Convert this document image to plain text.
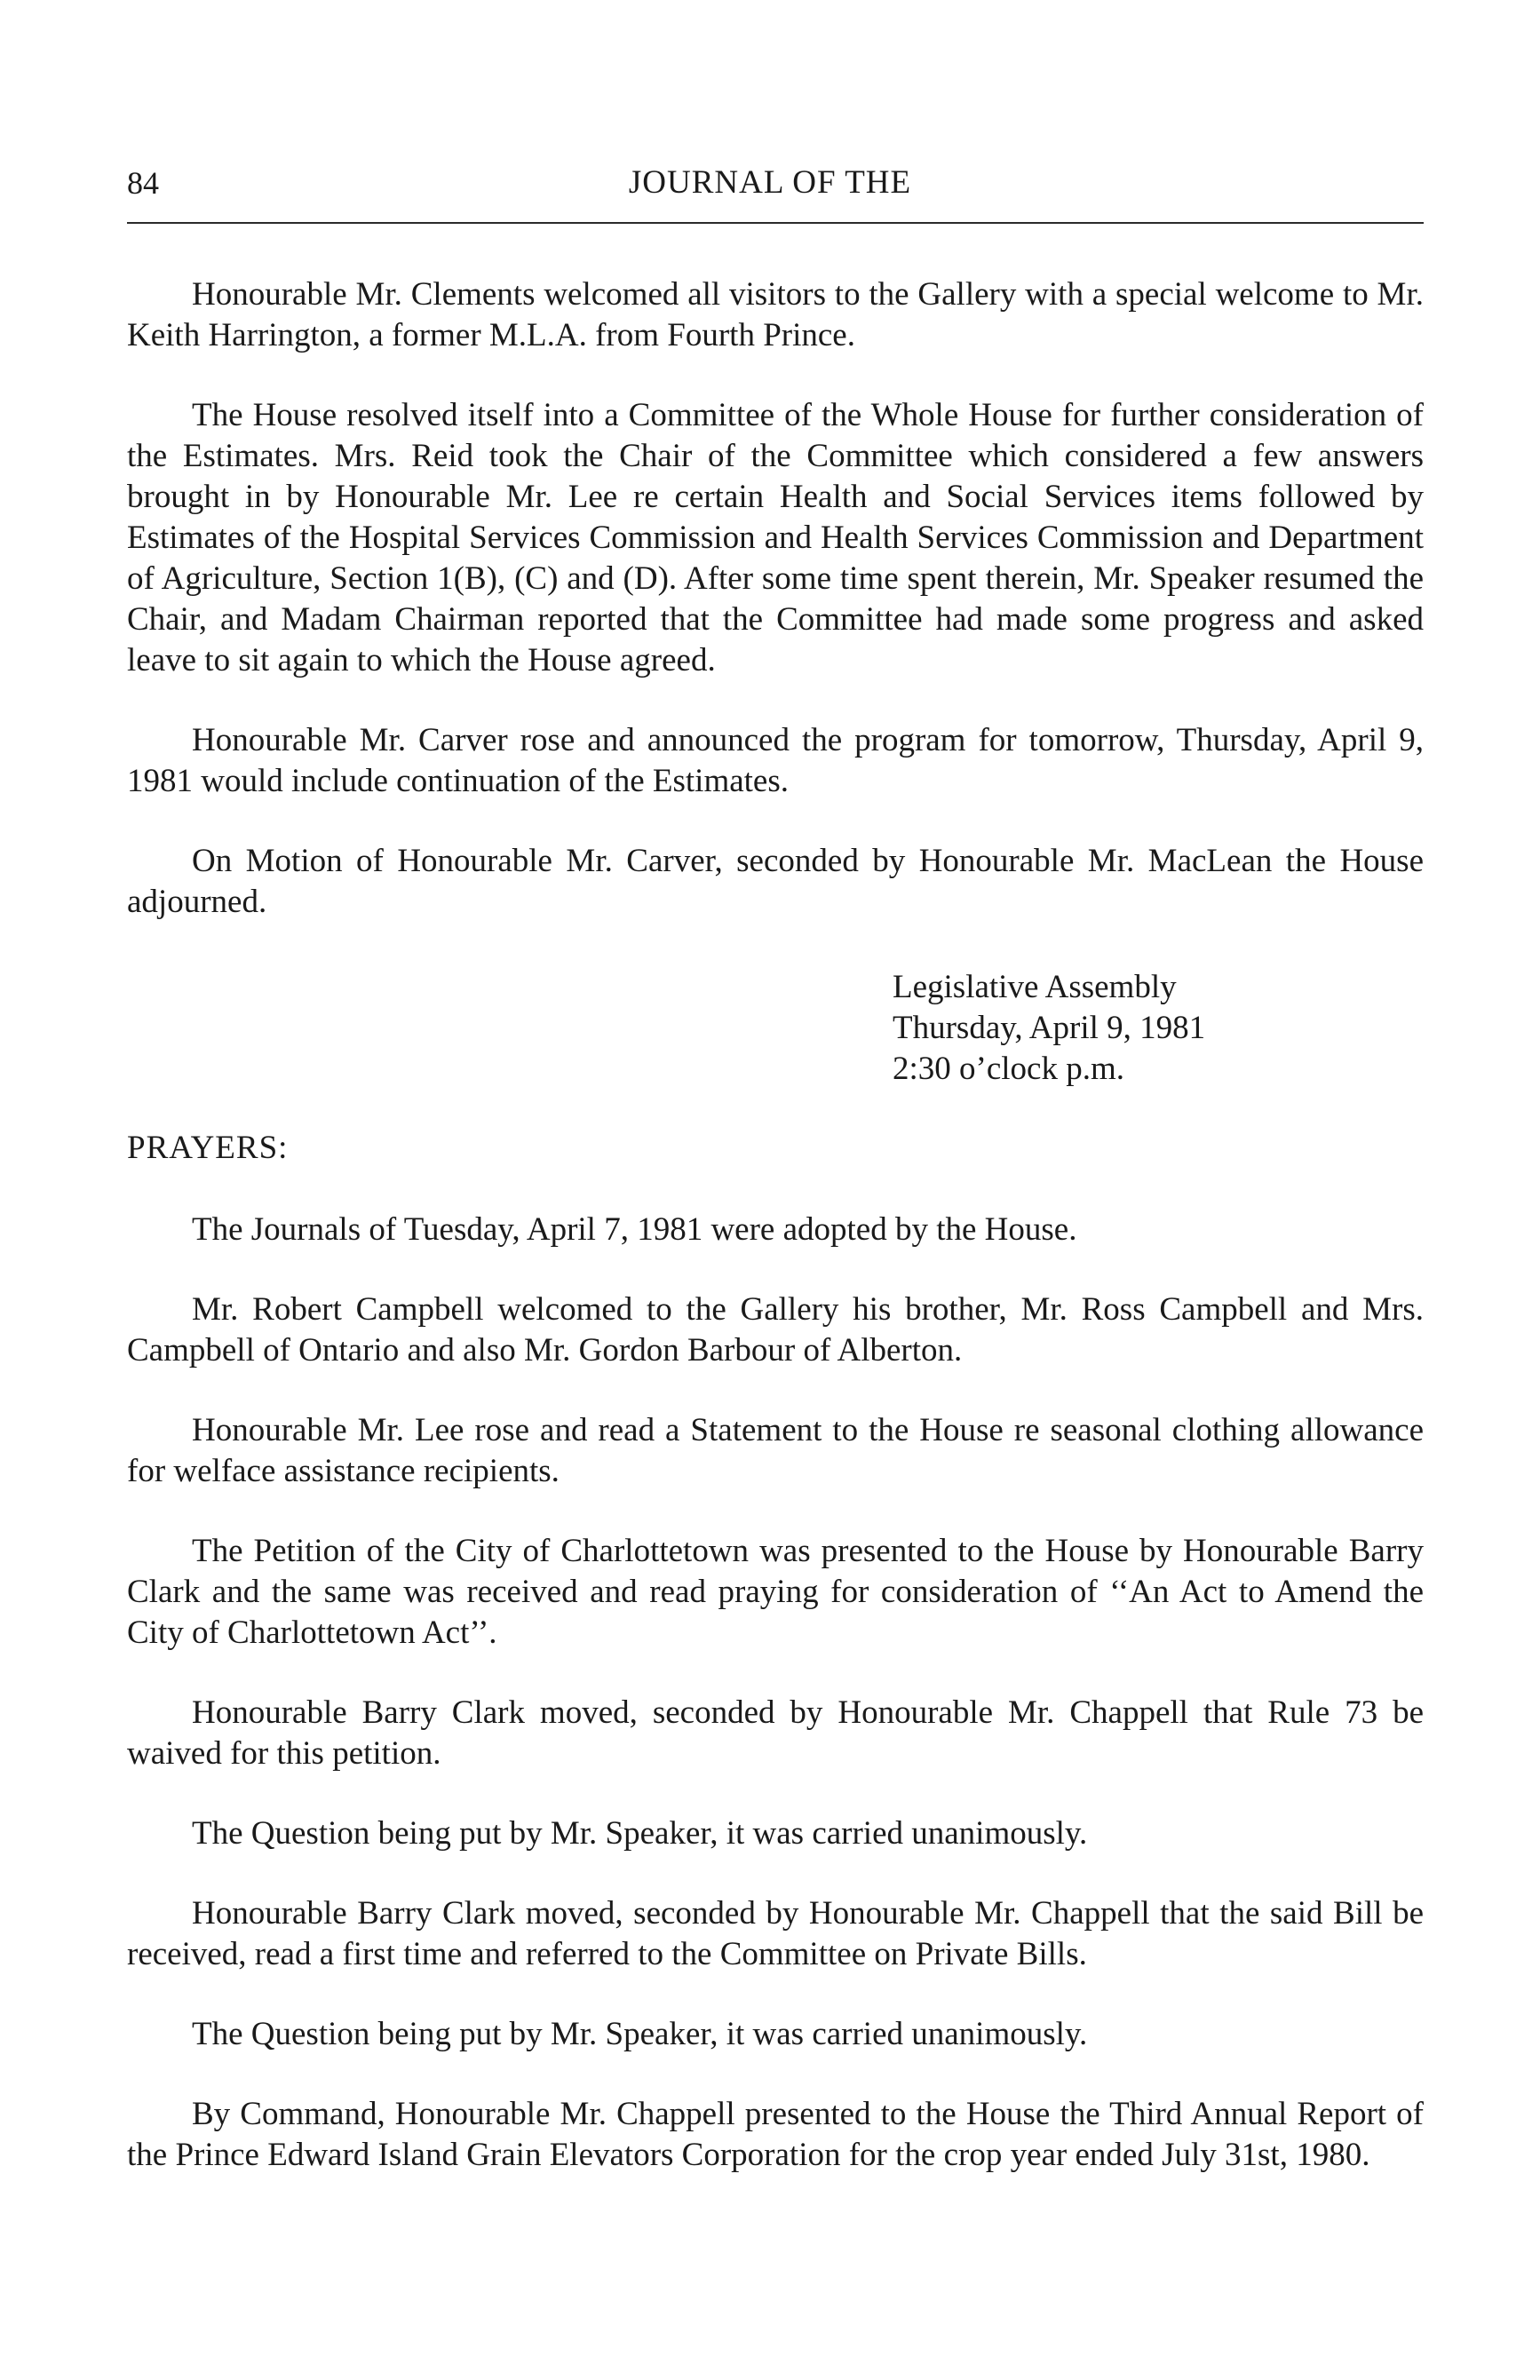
84	JOURNAL OF THE

Honourable Mr. Clements welcomed all visitors to the Gallery with a special welcome to Mr. Keith Harrington, a former M.L.A. from Fourth Prince.

The House resolved itself into a Committee of the Whole House for further consideration of the Estimates. Mrs. Reid took the Chair of the Committee which considered a few answers brought in by Honourable Mr. Lee re certain Health and Social Services items followed by Estimates of the Hospital Services Commission and Health Services Commission and Department of Agriculture, Section 1(B), (C) and (D). After some time spent therein, Mr. Speaker resumed the Chair, and Madam Chairman reported that the Committee had made some progress and asked leave to sit again to which the House agreed.

Honourable Mr. Carver rose and announced the program for tomorrow, Thursday, April 9, 1981 would include continuation of the Estimates.

On Motion of Honourable Mr. Carver, seconded by Honourable Mr. MacLean the House adjourned.

Legislative Assembly
Thursday, April 9, 1981
2:30 o’clock p.m.
PRAYERS:

The Journals of Tuesday, April 7, 1981 were adopted by the House.

Mr. Robert Campbell welcomed to the Gallery his brother, Mr. Ross Campbell and Mrs. Campbell of Ontario and also Mr. Gordon Barbour of Alberton.

Honourable Mr. Lee rose and read a Statement to the House re seasonal clothing allowance for welface assistance recipients.

The Petition of the City of Charlottetown was presented to the House by Honourable Barry Clark and the same was received and read praying for consideration of ‘‘An Act to Amend the City of Charlottetown Act’’.

Honourable Barry Clark moved, seconded by Honourable Mr. Chappell that Rule 73 be waived for this petition.

The Question being put by Mr. Speaker, it was carried unanimously.

Honourable Barry Clark moved, seconded by Honourable Mr. Chappell that the said Bill be received, read a first time and referred to the Committee on Private Bills.

The Question being put by Mr. Speaker, it was carried unanimously.

By Command, Honourable Mr. Chappell presented to the House the Third Annual Report of the Prince Edward Island Grain Elevators Corporation for the crop year ended July 31st, 1980.
